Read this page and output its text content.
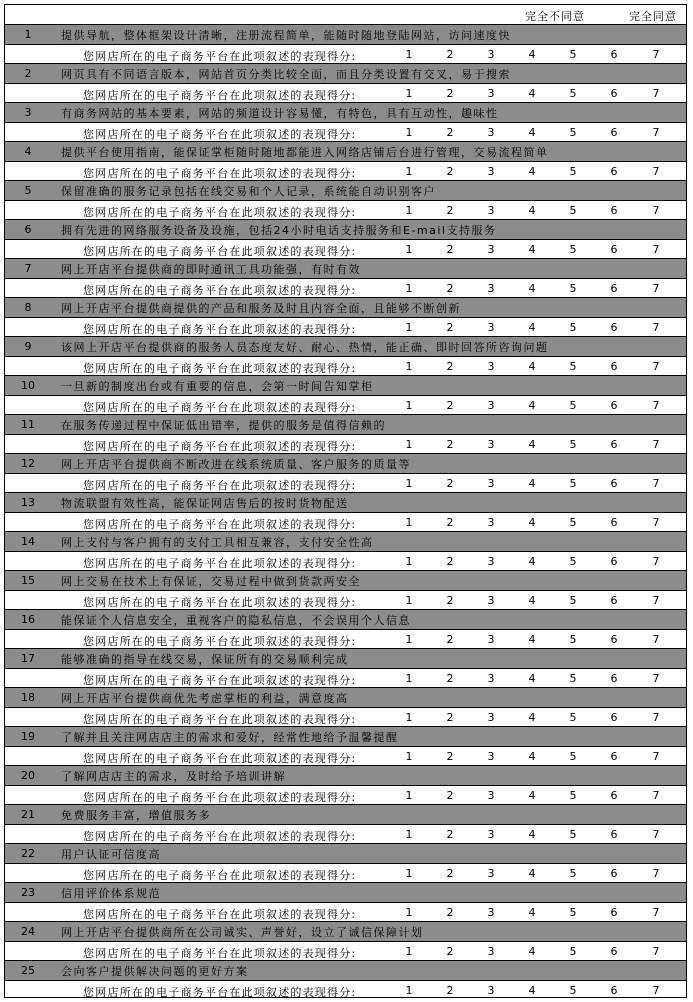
完全不同意	完全同意
1	提供导航，整体框架设计清晰，注册流程简单，能随时随地登陆网站，访问速度快
您网店所在的电子商务平台在此项叙述的表现得分:	1	2	3	4	5	6	7
2	网页具有不同语言版本，网站首页分类比较全面，而且分类设置有交叉，易于搜索
您网店所在的电子商务平台在此项叙述的表现得分:	1	2	3	4	5	6	7
3	有商务网站的基本要素，网站的频道设计容易懂，有特色，具有互动性，趣味性
您网店所在的电子商务平台在此项叙述的表现得分:	1	2	3	4	5	6	7
4	提供平台使用指南，能保证掌柜随时随地都能进入网络店铺后台进行管理，交易流程简单
您网店所在的电子商务平台在此项叙述的表现得分:	1	2	3	4	5	6	7
5	保留准确的服务记录包括在线交易和个人记录，系统能自动识别客户
您网店所在的电子商务平台在此项叙述的表现得分:	1	2	3	4	5	6	7
6	拥有先进的网络服务设备及设施，包括24小时电话支持服务和E-mail支持服务
您网店所在的电子商务平台在此项叙述的表现得分:	1	2	3	4	5	6	7
7	网上开店平台提供商的即时通讯工具功能强，有时有效
您网店所在的电子商务平台在此项叙述的表现得分:	1	2	3	4	5	6	7
8	网上开店平台提供商提供的产品和服务及时且内容全面，且能够不断创新
您网店所在的电子商务平台在此项叙述的表现得分:	1	2	3	4	5	6	7
9	该网上开店平台提供商的服务人员态度友好、耐心、热情，能正确、即时回答所咨询问题
您网店所在的电子商务平台在此项叙述的表现得分:	1	2	3	4	5	6	7
10	一旦新的制度出台或有重要的信息，会第一时间告知掌柜
您网店所在的电子商务平台在此项叙述的表现得分:	1	2	3	4	5	6	7
11	在服务传递过程中保证低出错率，提供的服务是值得信赖的
您网店所在的电子商务平台在此项叙述的表现得分:	1	2	3	4	5	6	7
12	网上开店平台提供商不断改进在线系统质量、客户服务的质量等
您网店所在的电子商务平台在此项叙述的表现得分:	1	2	3	4	5	6	7
13	物流联盟有效性高，能保证网店售后的按时货物配送
您网店所在的电子商务平台在此项叙述的表现得分:	1	2	3	4	5	6	7
14	网上支付与客户拥有的支付工具相互兼容，支付安全性高
您网店所在的电子商务平台在此项叙述的表现得分:	1	2	3	4	5	6	7
15	网上交易在技术上有保证，交易过程中做到货款两安全
您网店所在的电子商务平台在此项叙述的表现得分:	1	2	3	4	5	6	7
16	能保证个人信息安全，重视客户的隐私信息，不会误用个人信息
您网店所在的电子商务平台在此项叙述的表现得分:	1	2	3	4	5	6	7
17	能够准确的指导在线交易，保证所有的交易顺利完成
您网店所在的电子商务平台在此项叙述的表现得分:	1	2	3	4	5	6	7
18	网上开店平台提供商优先考虑掌柜的利益，满意度高
您网店所在的电子商务平台在此项叙述的表现得分:	1	2	3	4	5	6	7
19	了解并且关注网店店主的需求和爱好，经常性地给予温馨提醒
您网店所在的电子商务平台在此项叙述的表现得分:	1	2	3	4	5	6	7
20	了解网店店主的需求，及时给予培训讲解
您网店所在的电子商务平台在此项叙述的表现得分:	1	2	3	4	5	6	7
21	免费服务丰富，增值服务多
您网店所在的电子商务平台在此项叙述的表现得分:	1	2	3	4	5	6	7
22	用户认证可信度高
您网店所在的电子商务平台在此项叙述的表现得分:	1	2	3	4	5	6	7
23	信用评价体系规范
您网店所在的电子商务平台在此项叙述的表现得分:	1	2	3	4	5	6	7
24	网上开店平台提供商所在公司诚实、声誉好，设立了诚信保障计划
您网店所在的电子商务平台在此项叙述的表现得分:	1	2	3	4	5	6	7
25	会向客户提供解决问题的更好方案
您网店所在的电子商务平台在此项叙述的表现得分:	1	2	3	4	5	6	7
